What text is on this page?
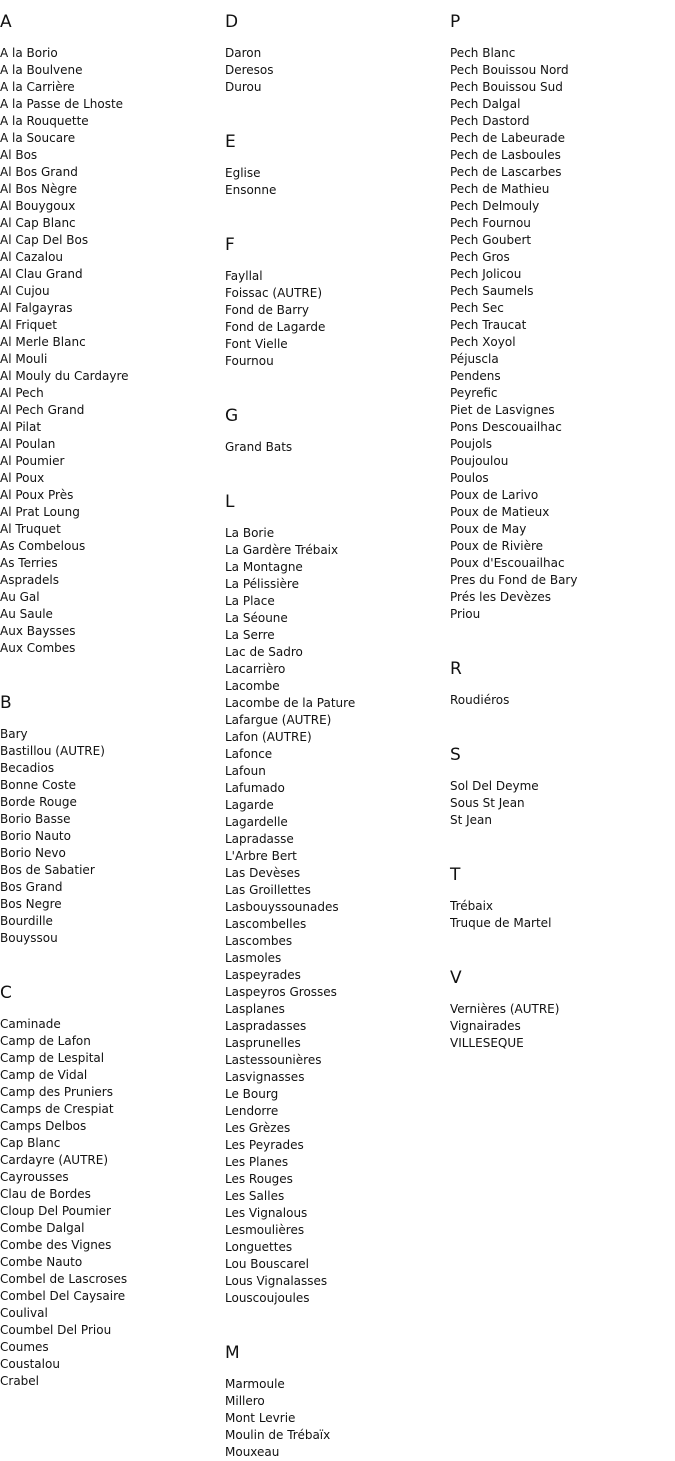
A
A la Borio
A la Boulvene
A la Carrière
A la Passe de Lhoste
A la Rouquette
A la Soucare
Al Bos
Al Bos Grand
Al Bos Nègre
Al Bouygoux
Al Cap Blanc
Al Cap Del Bos
Al Cazalou
Al Clau Grand
Al Cujou
Al Falgayras
Al Friquet
Al Merle Blanc
Al Mouli
Al Mouly du Cardayre
Al Pech
Al Pech Grand
Al Pilat
Al Poulan
Al Poumier
Al Poux
Al Poux Près
Al Prat Loung
Al Truquet
As Combelous
As Terries
Aspradels
Au Gal
Au Saule
Aux Baysses
Aux Combes
B
Bary
Bastillou (AUTRE)
Becadios
Bonne Coste
Borde Rouge
Borio Basse
Borio Nauto
Borio Nevo
Bos de Sabatier
Bos Grand
Bos Negre
Bourdille
Bouyssou
C
Caminade
Camp de Lafon
Camp de Lespital
Camp de Vidal
Camp des Pruniers
Camps de Crespiat
Camps Delbos
Cap Blanc
Cardayre (AUTRE)
Cayrousses
Clau de Bordes
Cloup Del Poumier
Combe Dalgal
Combe des Vignes
Combe Nauto
Combel de Lascroses
Combel Del Caysaire
Coulival
Coumbel Del Priou
Coumes
Coustalou
Crabel
D
Daron
Deresos
Durou
E
Eglise
Ensonne
F
Fayllal
Foissac (AUTRE)
Fond de Barry
Fond de Lagarde
Font Vielle
Fournou
G
Grand Bats
L
La Borie
La Gardère Trébaix
La Montagne
La Pélissière
La Place
La Séoune
La Serre
Lac de Sadro
Lacarrièro
Lacombe
Lacombe de la Pature
Lafargue (AUTRE)
Lafon (AUTRE)
Lafonce
Lafoun
Lafumado
Lagarde
Lagardelle
Lapradasse
L'Arbre Bert
Las Devèses
Las Groillettes
Lasbouyssounades
Lascombelles
Lascombes
Lasmoles
Laspeyrades
Laspeyros Grosses
Lasplanes
Laspradasses
Lasprunelles
Lastessounières
Lasvignasses
Le Bourg
Lendorre
Les Grèzes
Les Peyrades
Les Planes
Les Rouges
Les Salles
Les Vignalous
Lesmoulières
Longuettes
Lou Bouscarel
Lous Vignalasses
Louscoujoules
M
Marmoule
Millero
Mont Levrie
Moulin de Trébaïx
Mouxeau
P
Pech Blanc
Pech Bouissou Nord
Pech Bouissou Sud
Pech Dalgal
Pech Dastord
Pech de Labeurade
Pech de Lasboules
Pech de Lascarbes
Pech de Mathieu
Pech Delmouly
Pech Fournou
Pech Goubert
Pech Gros
Pech Jolicou
Pech Saumels
Pech Sec
Pech Traucat
Pech Xoyol
Péjuscla
Pendens
Peyrefic
Piet de Lasvignes
Pons Descouailhac
Poujols
Poujoulou
Poulos
Poux de Larivo
Poux de Matieux
Poux de May
Poux de Rivière
Poux d'Escouailhac
Pres du Fond de Bary
Prés les Devèzes
Priou
R
Roudiéros
S
Sol Del Deyme
Sous St Jean
St Jean
T
Trébaix
Truque de Martel
V
Vernières (AUTRE)
Vignairades
VILLESEQUE
